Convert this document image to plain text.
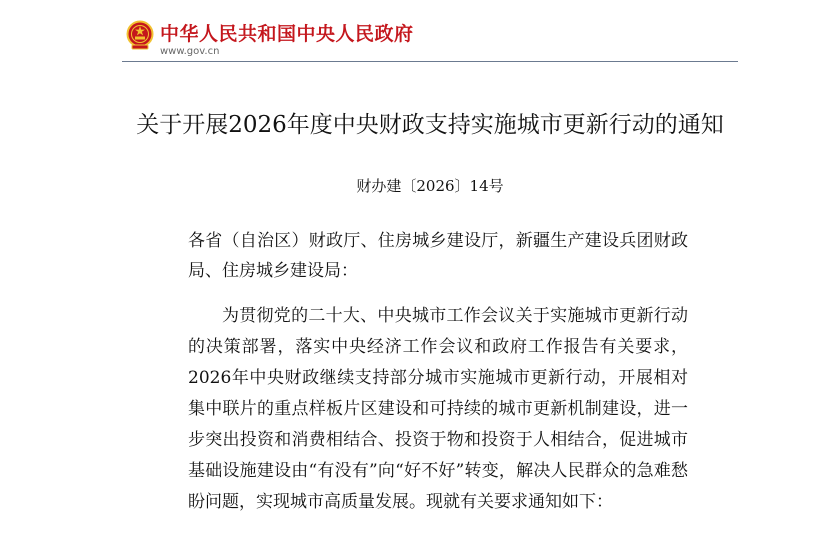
中华人民共和国中央人民政府
www.gov.cn
关于开展2026年度中央财政支持实施城市更新行动的通知
财办建〔2026〕14号

各省（自治区）财政厅、住房城乡建设厅，新疆生产建设兵团财政局、住房城乡建设局：

为贯彻党的二十大、中央城市工作会议关于实施城市更新行动的决策部署，落实中央经济工作会议和政府工作报告有关要求，2026年中央财政继续支持部分城市实施城市更新行动，开展相对集中联片的重点样板片区建设和可持续的城市更新机制建设，进一步突出投资和消费相结合、投资于物和投资于人相结合，促进城市基础设施建设由“有没有”向“好不好”转变，解决人民群众的急难愁盼问题，实现城市高质量发展。现就有关要求通知如下：
